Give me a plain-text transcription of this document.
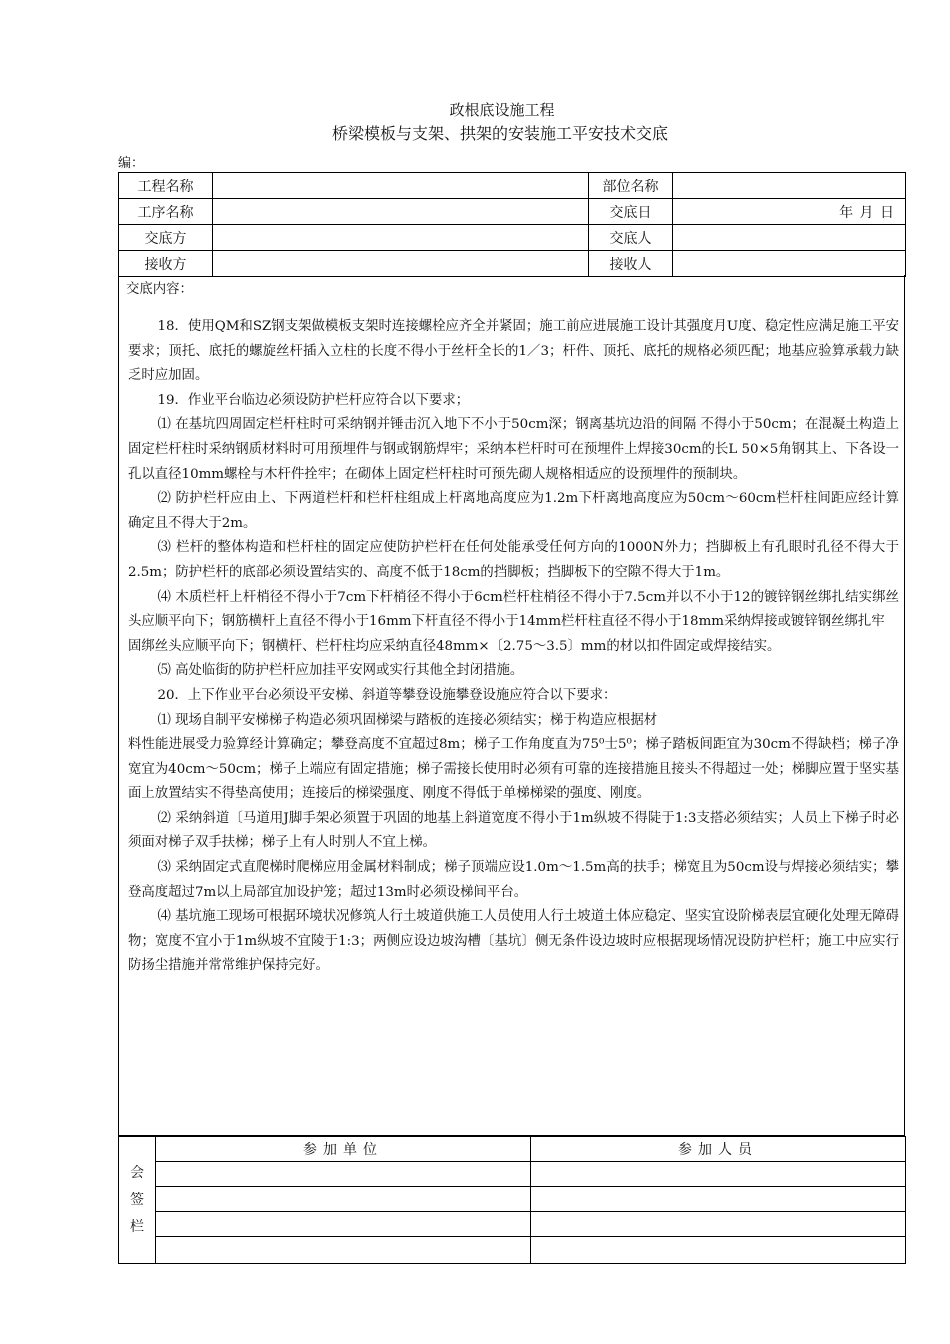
政根底设施工程
桥梁模板与支架、拱架的安装施工平安技术交底
编：
工程名称		部位名称	
工序名称		交底日	年 月 日
交底方		交底人	
接收方		接收人	
交底内容：

18．使用QM和SZ钢支架做模板支架时连接螺栓应齐全并紧固；施工前应进展施工设计其强度月U度、稳定性应满足施工平安要求；顶托、底托的螺旋丝杆插入立柱的长度不得小于丝杆全长的1／3；杆件、顶托、底托的规格必须匹配；地基应验算承载力缺乏时应加固。

19．作业平台临边必须设防护栏杆应符合以下要求；

⑴ 在基坑四周固定栏杆柱时可采纳钢并锤击沉入地下不小于50cm深；钢离基坑边沿的间隔 不得小于50cm；在混凝土构造上固定栏杆柱时采纳钢质材料时可用预埋件与钢或钢筋焊牢；采纳本栏杆时可在预埋件上焊接30cm的长L 50×5角钢其上、下各设一孔以直径10mm螺栓与木杆件拴牢；在砌体上固定栏杆柱时可预先砌人规格相适应的设预埋件的预制块。

⑵ 防护栏杆应由上、下两道栏杆和栏杆柱组成上杆离地高度应为1.2m下杆离地高度应为50cm～60cm栏杆柱间距应经计算确定且不得大于2m。

⑶ 栏杆的整体构造和栏杆柱的固定应使防护栏杆在任何处能承受任何方向的1000N外力；挡脚板上有孔眼时孔径不得大于2.5m；防护栏杆的底部必须设置结实的、高度不低于18cm的挡脚板；挡脚板下的空隙不得大于1m。

⑷ 木质栏杆上杆梢径不得小于7cm下杆梢径不得小于6cm栏杆柱梢径不得小于7.5cm并以不小于12的镀锌钢丝绑扎结实绑丝头应顺平向下；钢筋横杆上直径不得小于16mm下杆直径不得小于14mm栏杆柱直径不得小于18mm采纳焊接或镀锌钢丝绑扎牢

固绑丝头应顺平向下；钢横杆、栏杆柱均应采纳直径48mm×〔2.75～3.5〕mm的材以扣件固定或焊接结实。

⑸ 高处临街的防护栏杆应加挂平安网或实行其他全封闭措施。

20．上下作业平台必须设平安梯、斜道等攀登设施攀登设施应符合以下要求：

⑴ 现场自制平安梯梯子构造必须巩固梯梁与踏板的连接必须结实；梯于构造应根据材

料性能进展受力验算经计算确定；攀登高度不宜超过8m；梯子工作角度直为75⁰士5⁰；梯子踏板间距宜为30cm不得缺档；梯子净宽宜为40cm～50cm；梯子上端应有固定措施；梯子需接长使用时必须有可靠的连接措施且接头不得超过一处；梯脚应置于坚实基面上放置结实不得垫高使用；连接后的梯梁强度、刚度不得低于单梯梯梁的强度、刚度。

⑵ 采纳斜道〔马道用J脚手架必须置于巩固的地基上斜道宽度不得小于1m纵坡不得陡于1:3支搭必须结实；人员上下梯子时必须面对梯子双手扶梯；梯子上有人时别人不宜上梯。

⑶ 采纳固定式直爬梯时爬梯应用金属材料制成；梯子顶端应设1.0m～1.5m高的扶手；梯宽且为50cm设与焊接必须结实；攀登高度超过7m以上局部宜加设护笼；超过13m时必须设梯间平台。

⑷ 基坑施工现场可根据环境状况修筑人行土坡道供施工人员使用人行土坡道土体应稳定、坚实宜设阶梯表层宜硬化处理无障碍物；宽度不宜小于1m纵坡不宜陵于1:3；两侧应设边坡沟槽〔基坑〕侧无条件设边坡时应根据现场情况设防护栏杆；施工中应实行防扬尘措施并常常维护保持完好。

会
签
栏	参加单位	参加人员
